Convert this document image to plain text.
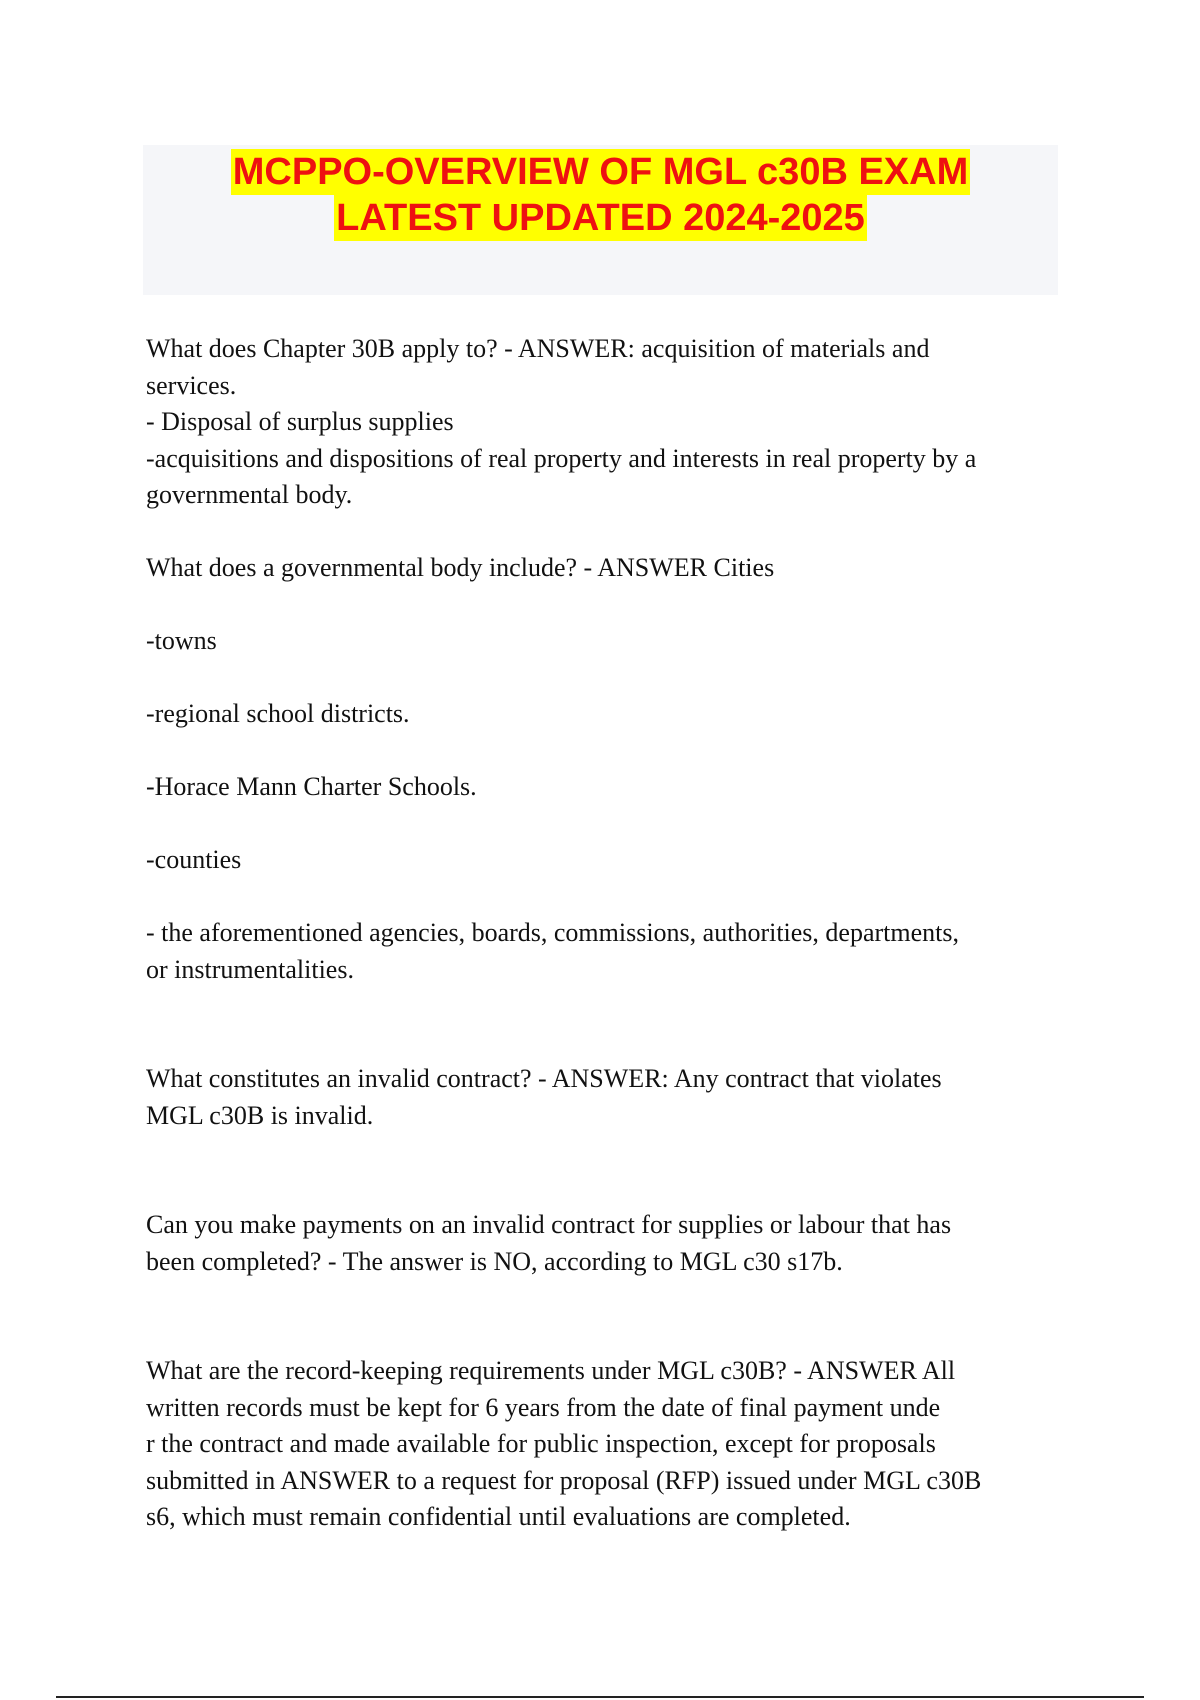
MCPPO-OVERVIEW OF MGL c30B EXAM
LATEST UPDATED 2024-2025
What does Chapter 30B apply to? - ANSWER: acquisition of materials and
services.
- Disposal of surplus supplies
-acquisitions and dispositions of real property and interests in real property by a
governmental body.
What does a governmental body include? - ANSWER Cities
-towns
-regional school districts.
-Horace Mann Charter Schools.
-counties
- the aforementioned agencies, boards, commissions, authorities, departments,
or instrumentalities.
What constitutes an invalid contract? - ANSWER: Any contract that violates
MGL c30B is invalid.
Can you make payments on an invalid contract for supplies or labour that has
been completed? - The answer is NO, according to MGL c30 s17b.
What are the record-keeping requirements under MGL c30B? - ANSWER All
written records must be kept for 6 years from the date of final payment unde
r the contract and made available for public inspection, except for proposals
submitted in ANSWER to a request for proposal (RFP) issued under MGL c30B
s6, which must remain confidential until evaluations are completed.
